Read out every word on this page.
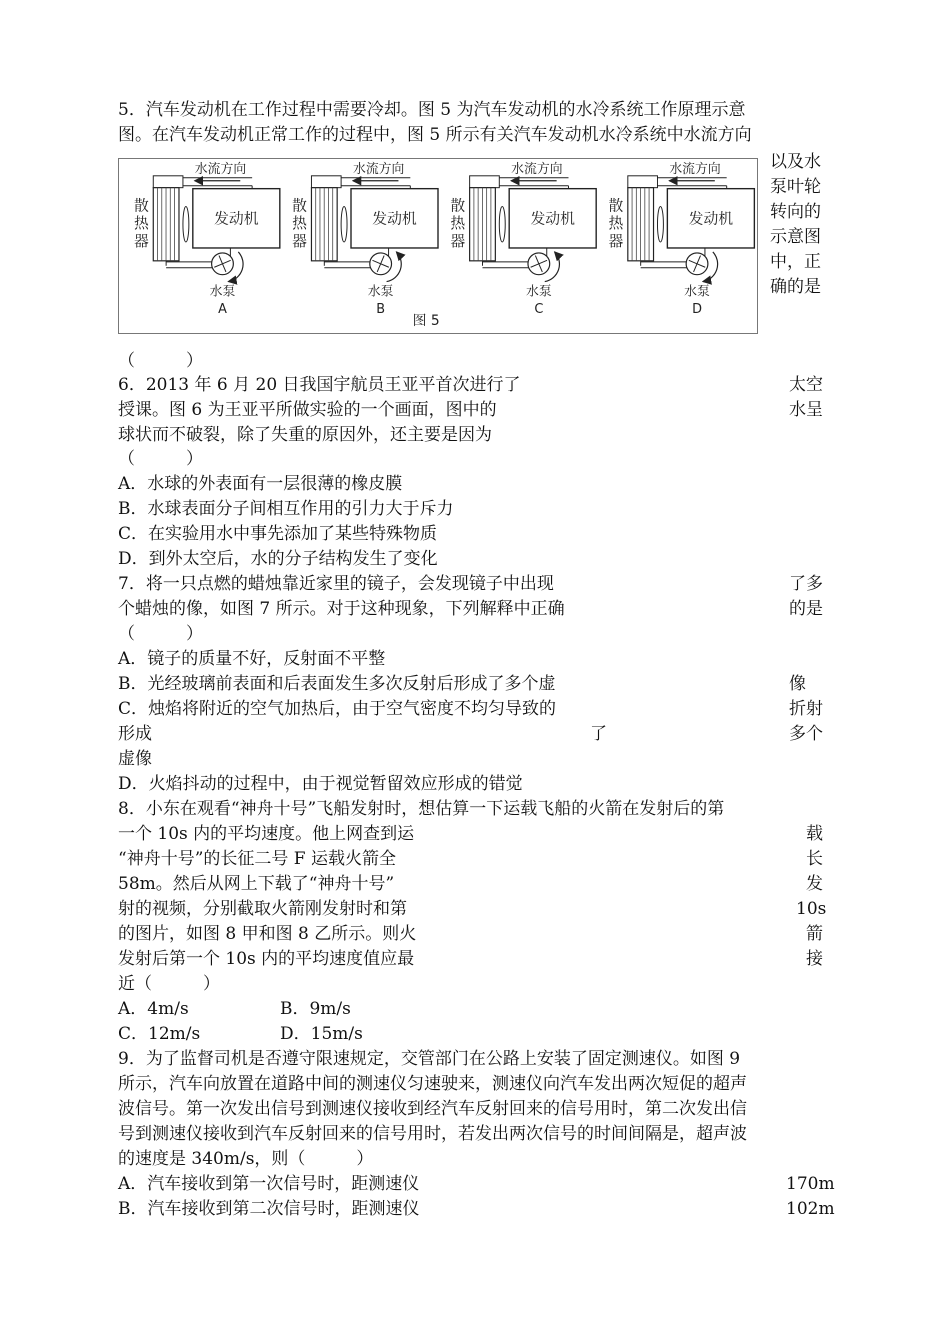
5．汽车发动机在工作过程中需要冷却。图 5 为汽车发动机的水冷系统工作原理示意
图。在汽车发动机正常工作的过程中，图 5 所示有关汽车发动机水冷系统中水流方向
以及水
泵叶轮
转向的
示意图
中，正
确的是
水流方向
散
热
器
发动机
水泵
A
水流方向
散
热
器
发动机
水泵
B
水流方向
散
热
器
发动机
水泵
C
水流方向
散
热
器
发动机
水泵
D
图 5
（　　　）
6．2013 年 6 月 20 日我国宇航员王亚平首次进行了	太空
授课。图 6 为王亚平所做实验的一个画面，图中的	水呈
球状而不破裂，除了失重的原因外，还主要是因为
（　　　）
A．水球的外表面有一层很薄的橡皮膜
B．水球表面分子间相互作用的引力大于斥力
C．在实验用水中事先添加了某些特殊物质
D．到外太空后，水的分子结构发生了变化
7．将一只点燃的蜡烛靠近家里的镜子，会发现镜子中出现	了多
个蜡烛的像，如图 7 所示。对于这种现象，下列解释中正确	的是
（　　　）
A．镜子的质量不好，反射面不平整
B．光经玻璃前表面和后表面发生多次反射后形成了多个虚	像
C．烛焰将附近的空气加热后，由于空气密度不均匀导致的	折射
形成	了	多个
虚像
D．火焰抖动的过程中，由于视觉暂留效应形成的错觉
8．小东在观看“神舟十号”飞船发射时，想估算一下运载飞船的火箭在发射后的第
一个 10s 内的平均速度。他上网查到运	载
“神舟十号”的长征二号 F 运载火箭全	长
58m。然后从网上下载了“神舟十号”	发
射的视频，分别截取火箭刚发射时和第	10s
的图片，如图 8 甲和图 8 乙所示。则火	箭
发射后第一个 10s 内的平均速度值应最	接
近（　　　）
A．4m/s	B．9m/s
C．12m/s	D．15m/s
9．为了监督司机是否遵守限速规定，交管部门在公路上安装了固定测速仪。如图 9
所示，汽车向放置在道路中间的测速仪匀速驶来，测速仪向汽车发出两次短促的超声
波信号。第一次发出信号到测速仪接收到经汽车反射回来的信号用时，第二次发出信
号到测速仪接收到汽车反射回来的信号用时，若发出两次信号的时间间隔是，超声波
的速度是 340m/s，则（　　　）
A．汽车接收到第一次信号时，距测速仪	170m
B．汽车接收到第二次信号时，距测速仪	102m
